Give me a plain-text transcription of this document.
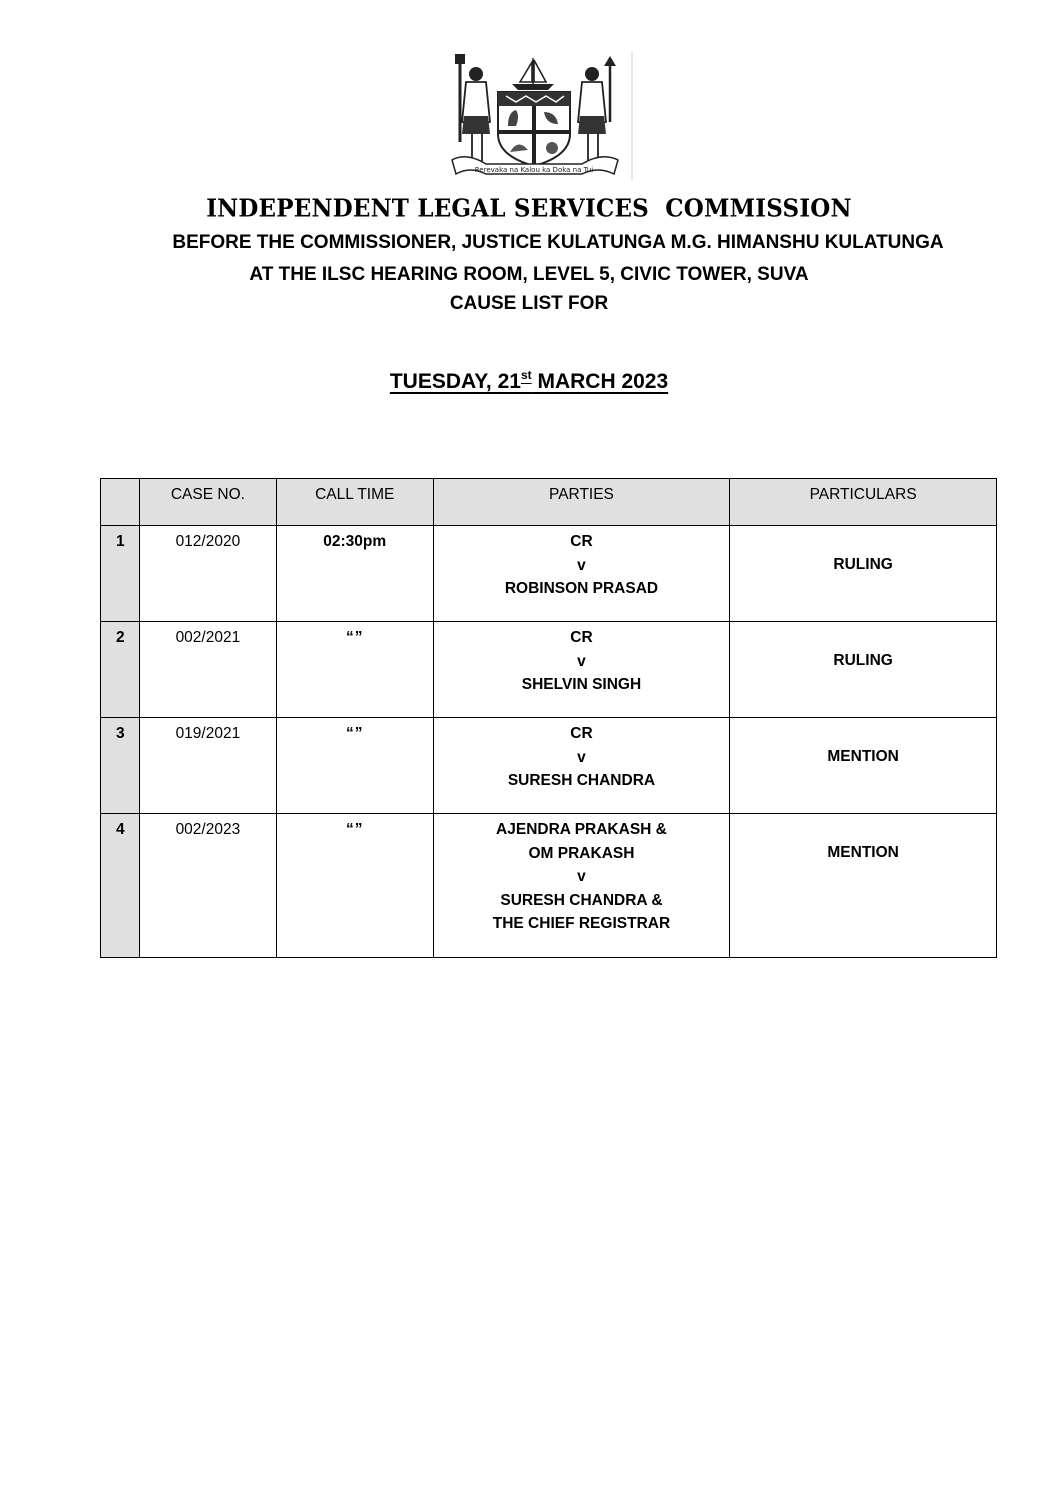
Rerevaka na Kalou ka Doka na Tui
INDEPENDENT LEGAL SERVICES COMMISSION
BEFORE THE COMMISSIONER, JUSTICE KULATUNGA M.G. HIMANSHU KULATUNGA
AT THE ILSC HEARING ROOM, LEVEL 5, CIVIC TOWER, SUVA
CAUSE LIST FOR
TUESDAY, 21st MARCH 2023
	CASE NO.	CALL TIME	PARTIES	PARTICULARS
1	012/2020	02:30pm	CR
v
ROBINSON PRASAD	RULING
2	002/2021	“”	CR
v
SHELVIN SINGH	RULING
3	019/2021	“”	CR
v
SURESH CHANDRA	MENTION
4	002/2023	“”	AJENDRA PRAKASH &
OM PRAKASH
v
SURESH CHANDRA &
THE CHIEF REGISTRAR	MENTION
